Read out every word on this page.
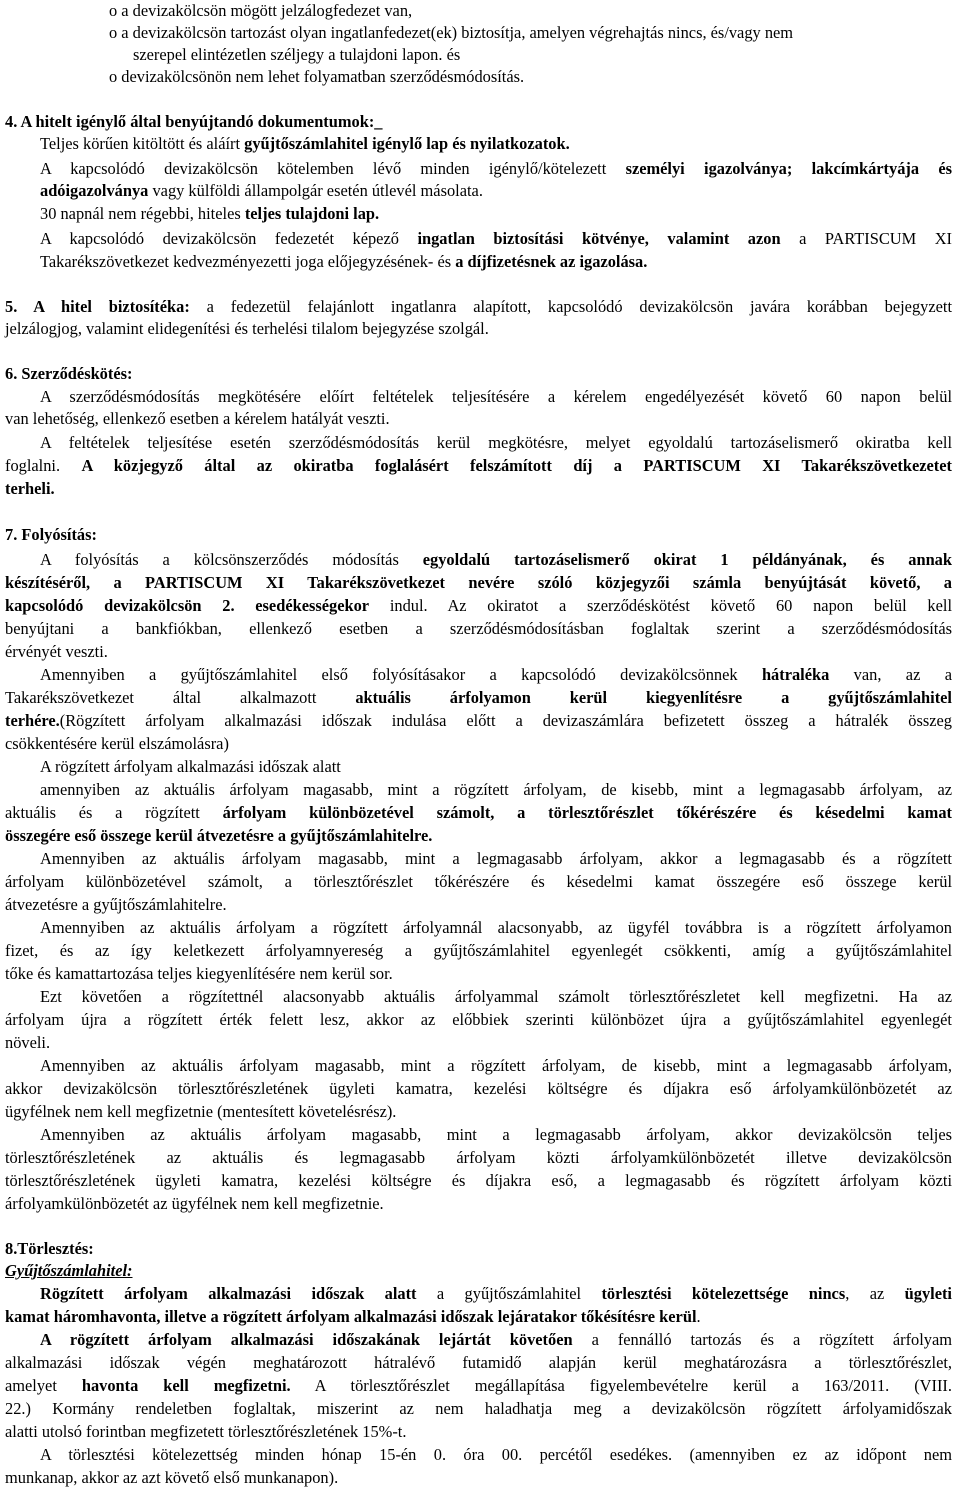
o a devizakölcsön mögött jelzálogfedezet van,
o a devizakölcsön tartozást olyan ingatlanfedezet(ek) biztosítja, amelyen végrehajtás nincs, és/vagy nem
szerepel elintézetlen széljegy a tulajdoni lapon. és
o devizakölcsönön nem lehet folyamatban szerződésmódosítás.
4. A hitelt igénylő által benyújtandó dokumentumok:_
Teljes körűen kitöltött és aláírt gyűjtőszámlahitel igénylő lap és nyilatkozatok.
A kapcsolódó devizakölcsön kötelemben lévő minden igénylő/kötelezett személyi igazolványa; lakcímkártyája és
adóigazolványa vagy külföldi állampolgár esetén útlevél másolata.
30 napnál nem régebbi, hiteles teljes tulajdoni lap.
A kapcsolódó devizakölcsön fedezetét képező ingatlan biztosítási kötvénye, valamint azon a PARTISCUM XI
Takarékszövetkezet kedvezményezetti joga előjegyzésének- és a díjfizetésnek az igazolása.
5. A hitel biztosítéka: a fedezetül felajánlott ingatlanra alapított, kapcsolódó devizakölcsön javára korábban bejegyzett
jelzálogjog, valamint elidegenítési és terhelési tilalom bejegyzése szolgál.
6. Szerződéskötés:
A szerződésmódosítás megkötésére előírt feltételek teljesítésére a kérelem engedélyezését követő 60 napon belül
van lehetőség, ellenkező esetben a kérelem hatályát veszti.
A feltételek teljesítése esetén szerződésmódosítás kerül megkötésre, melyet egyoldalú tartozáselismerő okiratba kell
foglalni. A közjegyző által az okiratba foglalásért felszámított díj a PARTISCUM XI Takarékszövetkezetet
terheli.
7. Folyósítás:
A folyósítás a kölcsönszerződés módosítás egyoldalú tartozáselismerő okirat 1 példányának, és annak
készítéséről, a PARTISCUM XI Takarékszövetkezet nevére szóló közjegyzői számla benyújtását követő, a
kapcsolódó devizakölcsön 2. esedékességekor indul. Az okiratot a szerződéskötést követő 60 napon belül kell
benyújtani a bankfiókban, ellenkező esetben a szerződésmódosításban foglaltak szerint a szerződésmódosítás
érvényét veszti.
Amennyiben a gyűjtőszámlahitel első folyósításakor a kapcsolódó devizakölcsönnek hátraléka van, az a
Takarékszövetkezet által alkalmazott aktuális árfolyamon kerül kiegyenlítésre a gyűjtőszámlahitel
terhére.(Rögzített árfolyam alkalmazási időszak indulása előtt a devizaszámlára befizetett összeg a hátralék összeg
csökkentésére kerül elszámolásra)
A rögzített árfolyam alkalmazási időszak alatt
amennyiben az aktuális árfolyam magasabb, mint a rögzített árfolyam, de kisebb, mint a legmagasabb árfolyam, az
aktuális és a rögzített árfolyam különbözetével számolt, a törlesztőrészlet tőkérészére és késedelmi kamat
összegére eső összege kerül átvezetésre a gyűjtőszámlahitelre.
Amennyiben az aktuális árfolyam magasabb, mint a legmagasabb árfolyam, akkor a legmagasabb és a rögzített
árfolyam különbözetével számolt, a törlesztőrészlet tőkérészére és késedelmi kamat összegére eső összege kerül
átvezetésre a gyűjtőszámlahitelre.
Amennyiben az aktuális árfolyam a rögzített árfolyamnál alacsonyabb, az ügyfél továbbra is a rögzített árfolyamon
fizet, és az így keletkezett árfolyamnyereség a gyűjtőszámlahitel egyenlegét csökkenti, amíg a gyűjtőszámlahitel
tőke és kamattartozása teljes kiegyenlítésére nem kerül sor.
Ezt követően a rögzítettnél alacsonyabb aktuális árfolyammal számolt törlesztőrészletet kell megfizetni. Ha az
árfolyam újra a rögzített érték felett lesz, akkor az előbbiek szerinti különbözet újra a gyűjtőszámlahitel egyenlegét
növeli.
Amennyiben az aktuális árfolyam magasabb, mint a rögzített árfolyam, de kisebb, mint a legmagasabb árfolyam,
akkor devizakölcsön törlesztőrészletének ügyleti kamatra, kezelési költségre és díjakra eső árfolyamkülönbözetét az
ügyfélnek nem kell megfizetnie (mentesített követelésrész).
Amennyiben az aktuális árfolyam magasabb, mint a legmagasabb árfolyam, akkor devizakölcsön teljes
törlesztőrészletének az aktuális és legmagasabb árfolyam közti árfolyamkülönbözetét illetve devizakölcsön
törlesztőrészletének ügyleti kamatra, kezelési költségre és díjakra eső, a legmagasabb és rögzített árfolyam közti
árfolyamkülönbözetét az ügyfélnek nem kell megfizetnie.
8.Törlesztés:
Gyűjtőszámlahitel:
Rögzített árfolyam alkalmazási időszak alatt a gyűjtőszámlahitel törlesztési kötelezettsége nincs, az ügyleti
kamat háromhavonta, illetve a rögzített árfolyam alkalmazási időszak lejáratakor tőkésítésre kerül.
A rögzített árfolyam alkalmazási időszakának lejártát követően a fennálló tartozás és a rögzített árfolyam
alkalmazási időszak végén meghatározott hátralévő futamidő alapján kerül meghatározásra a törlesztőrészlet,
amelyet havonta kell megfizetni. A törlesztőrészlet megállapítása figyelembevételre kerül a 163/2011. (VIII.
22.) Kormány rendeletben foglaltak, miszerint az nem haladhatja meg a devizakölcsön rögzített árfolyamidőszak
alatti utolsó forintban megfizetett törlesztőrészletének 15%-t.
A törlesztési kötelezettség minden hónap 15-én 0. óra 00. percétől esedékes. (amennyiben ez az időpont nem
munkanap, akkor az azt követő első munkanapon).
